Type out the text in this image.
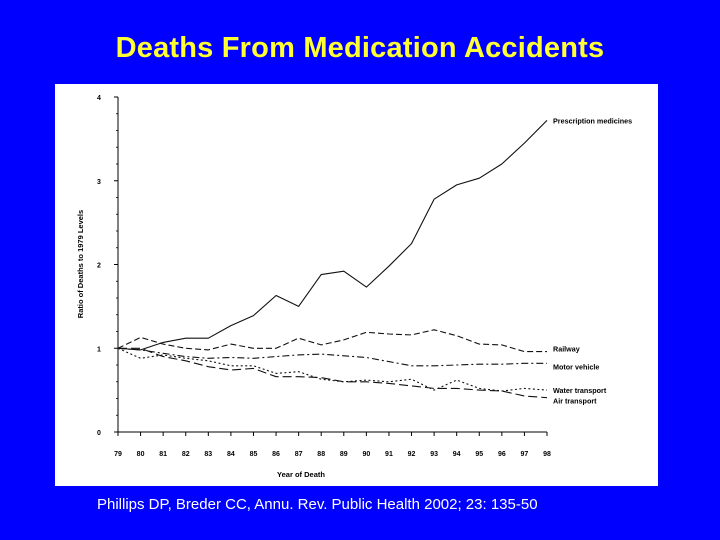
Deaths From Medication Accidents
0
1
2
3
4
79 80 81 82 83 84 85 86 87 88 89 90 91 92 93 94 95 96 97 98
Prescription medicines
Railway
Motor vehicle
Water transport
Air transport
Year of Death
Ratio of Deaths to 1979 Levels
Phillips DP, Breder CC, Annu. Rev. Public Health 2002; 23: 135-50
